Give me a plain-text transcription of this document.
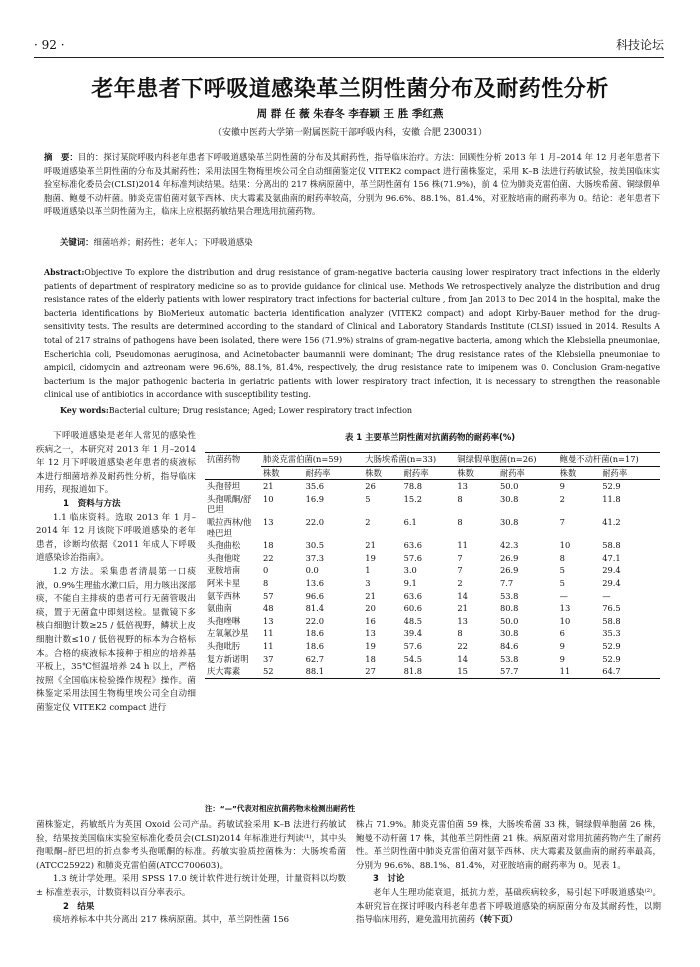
· 92 ·	科技论坛
老年患者下呼吸道感染革兰阴性菌分布及耐药性分析
周 群 任 薇 朱春冬 李春颖 王 胜 季红燕
（安徽中医药大学第一附属医院干部呼吸内科，安徽 合肥 230031）
摘　要：目的：探讨某院呼吸内科老年患者下呼吸道感染革兰阴性菌的分布及其耐药性，指导临床治疗。方法：回顾性分析 2013 年 1 月–2014 年 12 月老年患者下呼吸道感染革兰阴性菌的分布及其耐药性；采用法国生物梅里埃公司全自动细菌鉴定仪 VITEK2 compact 进行菌株鉴定，采用 K–B 法进行药敏试验，按美国临床实验室标准化委员会(CLSI)2014 年标准判读结果。结果：分离出的 217 株病原菌中，革兰阴性菌有 156 株(71.9%)，前 4 位为肺炎克雷伯菌、大肠埃希菌、铜绿假单胞菌、鲍曼不动杆菌。肺炎克雷伯菌对氨苄西林、庆大霉素及氨曲南的耐药率较高，分别为 96.6%、88.1%、81.4%，对亚胺培南的耐药率为 0。结论：老年患者下呼吸道感染以革兰阴性菌为主，临床上应根据药敏结果合理选用抗菌药物。
关键词：细菌培养；耐药性；老年人；下呼吸道感染
Abstract:Objective To explore the distribution and drug resistance of gram-negative bacteria causing lower respiratory tract infections in the elderly patients of department of respiratory medicine so as to provide guidance for clinical use. Methods We retrospectively analyze the distribution and drug resistance rates of the elderly patients with lower respiratory tract infections for bacterial culture , from Jan 2013 to Dec 2014 in the hospital, make the bacteria identifications by BioMerieux automatic bacteria identification analyzer (VITEK2 compact) and adopt Kirby-Bauer method for the drug-sensitivity tests. The results are determined according to the standard of Clinical and Laboratory Standards Institute (CLSI) issued in 2014. Results A total of 217 strains of pathogens have been isolated, there were 156 (71.9%) strains of gram-negative bacteria, among which the Klebsiella pneumoniae, Escherichia coli, Pseudomonas aeruginosa, and Acinetobacter baumannii were dominant; The drug resistance rates of the Klebsiella pneumoniae to ampicil, cidomycin and aztreonam were 96.6%, 88.1%, 81.4%, respectively, the drug resistance rate to imipenem was 0. Conclusion Gram-negative bacterium is the major pathogenic bacteria in geriatric patients with lower respiratory tract infection, it is necessary to strengthen the reasonable clinical use of antibiotics in accordance with susceptibility testing.
Key words:Bacterial culture; Drug resistance; Aged; Lower respiratory tract infection

下呼吸道感染是老年人常见的感染性疾病之一，本研究对 2013 年 1 月–2014 年 12 月下呼吸道感染老年患者的痰液标本进行细菌培养及耐药性分析，指导临床用药，现报道如下。

1　资料与方法

1.1 临床资料。选取 2013 年 1 月–2014 年 12 月该院下呼吸道感染的老年患者，诊断均依据《2011 年成人下呼吸道感染诊治指南》。

1.2 方法。采集患者清晨第一口痰液，0.9%生理盐水漱口后，用力咳出深部痰，不能自主排痰的患者可行无菌管吸出痰，置于无菌盒中即刻送检。显微镜下多核白细胞计数≥25 / 低倍视野，鳞状上皮细胞计数≤10 / 低倍视野的标本为合格标本。合格的痰液标本接种于相应的培养基平板上，35℃恒温培养 24 h 以上，严格按照《全国临床检验操作规程》操作。菌株鉴定采用法国生物梅里埃公司全自动细菌鉴定仪 VITEK2 compact 进行

表 1 主要革兰阴性菌对抗菌药物的耐药率(%)
抗菌药物	肺炎克雷伯菌(n=59)		大肠埃希菌(n=33)		铜绿假单胞菌(n=26)		鲍曼不动杆菌(n=17)	
	株数	耐药率	株数	耐药率	株数	耐药率	株数	耐药率
头孢替坦	21	35.6	26	78.8	13	50.0	9	52.9
头孢哌酮/舒巴坦	10	16.9	5	15.2	8	30.8	2	11.8
哌拉西林/他唑巴坦	13	22.0	2	6.1	8	30.8	7	41.2
头孢曲松	18	30.5	21	63.6	11	42.3	10	58.8
头孢他啶	22	37.3	19	57.6	7	26.9	8	47.1
亚胺培南	0	0.0	1	3.0	7	26.9	5	29.4
阿米卡星	8	13.6	3	9.1	2	7.7	5	29.4
氨苄西林	57	96.6	21	63.6	14	53.8	—	—
氨曲南	48	81.4	20	60.6	21	80.8	13	76.5
头孢唑啉	13	22.0	16	48.5	13	50.0	10	58.8
左氧氟沙星	11	18.6	13	39.4	8	30.8	6	35.3
头孢吡肟	11	18.6	19	57.6	22	84.6	9	52.9
复方新诺明	37	62.7	18	54.5	14	53.8	9	52.9
庆大霉素	52	88.1	27	81.8	15	57.7	11	64.7
注：“—”代表对相应抗菌药物未检测出耐药性

菌株鉴定，药敏纸片为英国 Oxoid 公司产品。药敏试验采用 K–B 法进行药敏试验，结果按美国临床实验室标准化委员会(CLSI)2014 年标准进行判读⁽¹⁾，其中头孢哌酮–舒巴坦的折点参考头孢哌酮的标准。药敏实验质控菌株为：大肠埃希菌(ATCC25922) 和肺炎克雷伯菌(ATCC700603)。

1.3 统计学处理。采用 SPSS 17.0 统计软件进行统计处理，计量资料以均数 ± 标准差表示，计数资料以百分率表示。

2　结果

痰培养标本中共分离出 217 株病原菌。其中，革兰阴性菌 156

株占 71.9%。肺炎克雷伯菌 59 株，大肠埃希菌 33 株，铜绿假单胞菌 26 株，鲍曼不动杆菌 17 株，其他革兰阴性菌 21 株。病原菌对常用抗菌药物产生了耐药性。革兰阴性菌中肺炎克雷伯菌对氨苄西林、庆大霉素及氨曲南的耐药率最高，分别为 96.6%、88.1%、81.4%，对亚胺培南的耐药率为 0。见表 1。

3　讨论

老年人生理功能衰退，抵抗力差，基础疾病较多，易引起下呼吸道感染⁽²⁾。本研究旨在探讨呼吸内科老年患者下呼吸道感染的病原菌分布及其耐药性，以期指导临床用药，避免滥用抗菌药（转下页）
